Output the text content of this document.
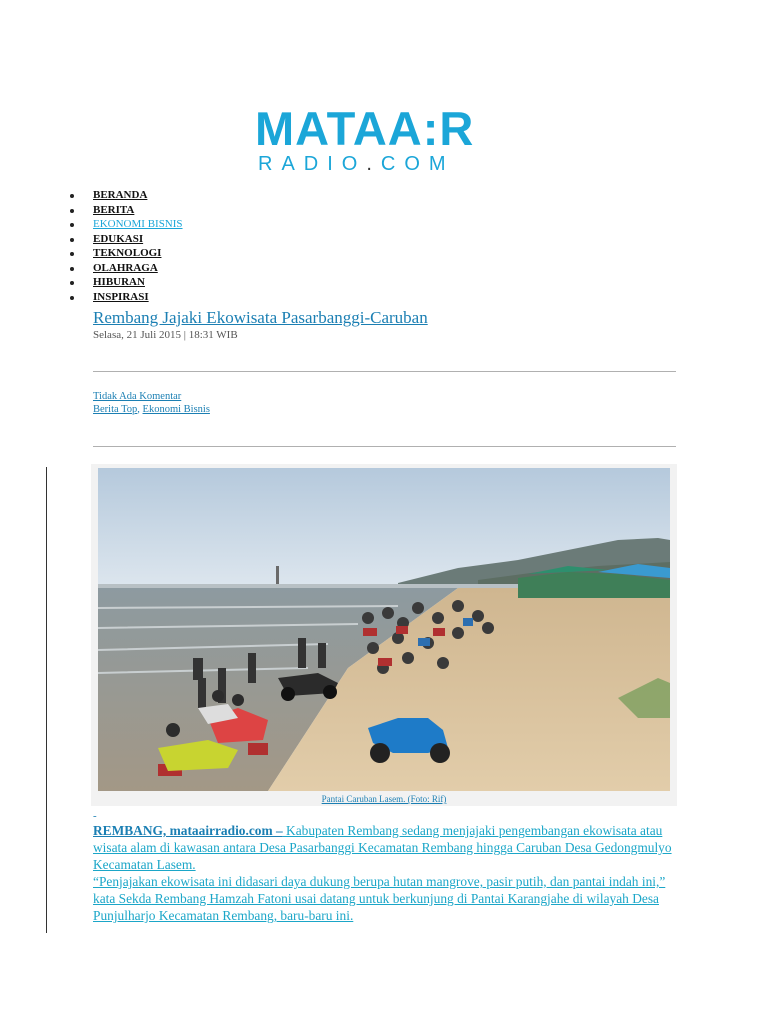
MATAA:R
RADIO.COM
BERANDA
BERITA
EKONOMI BISNIS
EDUKASI
TEKNOLOGI
OLAHRAGA
HIBURAN
INSPIRASI
Rembang Jajaki Ekowisata Pasarbanggi-Caruban
Selasa, 21 Juli 2015 | 18:31 WIB
Tidak Ada Komentar
Berita Top, Ekonomi Bisnis
Pantai Caruban Lasem. (Foto: Rif)
-

REMBANG, mataairradio.com – Kabupaten Rembang sedang menjajaki pengembangan ekowisata atau wisata alam di kawasan antara Desa Pasarbanggi Kecamatan Rembang hingga Caruban Desa Gedongmulyo Kecamatan Lasem.

“Penjajakan ekowisata ini didasari daya dukung berupa hutan mangrove, pasir putih, dan pantai indah ini,” kata Sekda Rembang Hamzah Fatoni usai datang untuk berkunjung di Pantai Karangjahe di wilayah Desa Punjulharjo Kecamatan Rembang, baru-baru ini.
